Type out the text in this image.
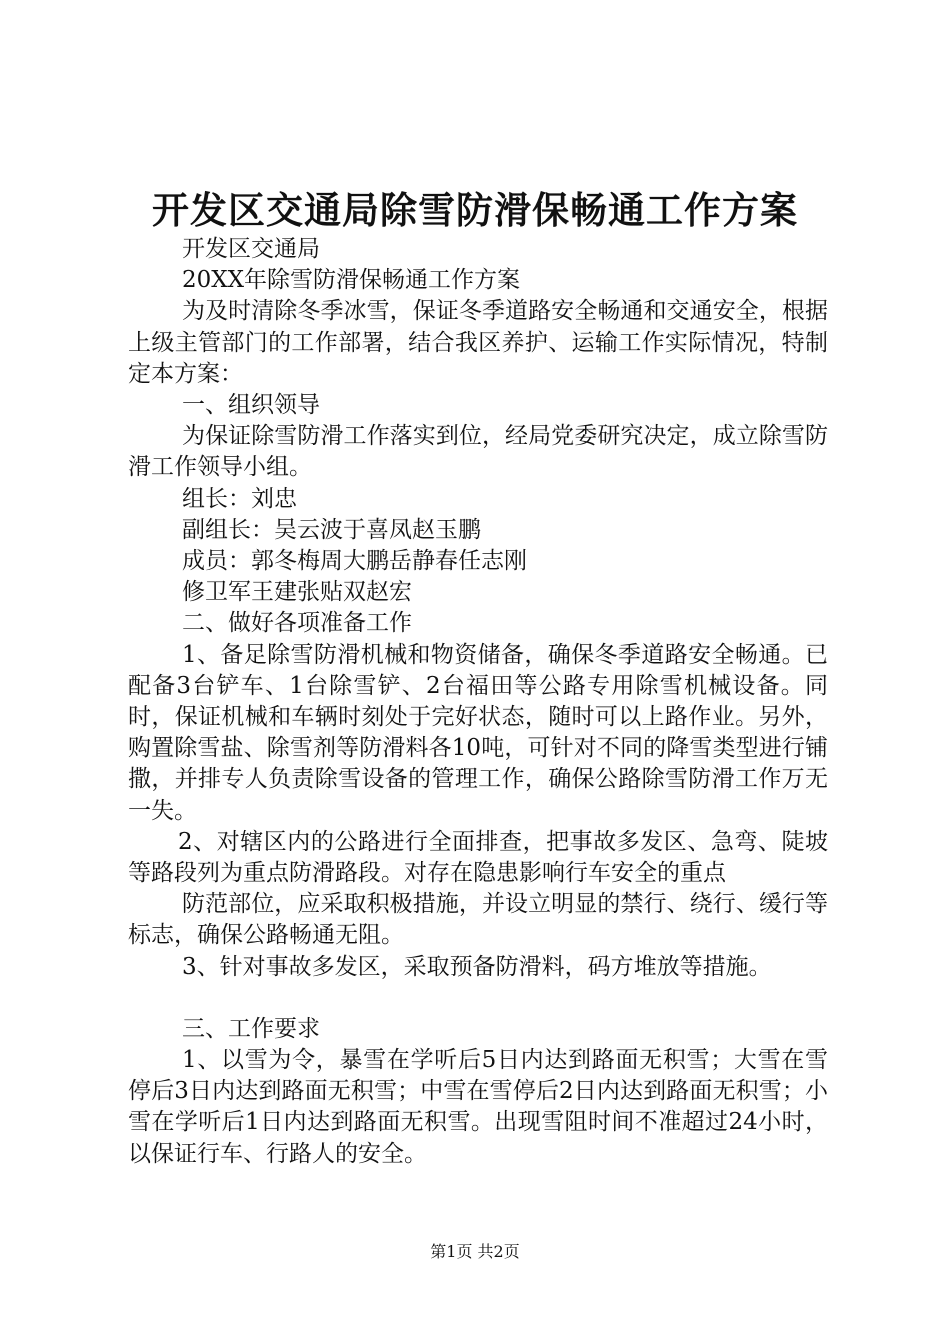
开发区交通局除雪防滑保畅通工作方案

开发区交通局

20XX年除雪防滑保畅通工作方案

为及时清除冬季冰雪，保证冬季道路安全畅通和交通安全，根据上级主管部门的工作部署，结合我区养护、运输工作实际情况，特制定本方案：

一、组织领导

为保证除雪防滑工作落实到位，经局党委研究决定，成立除雪防滑工作领导小组。

组长：刘忠

副组长：吴云波于喜凤赵玉鹏

成员：郭冬梅周大鹏岳静春任志刚

修卫军王建张贴双赵宏

二、做好各项准备工作

1、备足除雪防滑机械和物资储备，确保冬季道路安全畅通。已配备3台铲车、1台除雪铲、2台福田等公路专用除雪机械设备。同时，保证机械和车辆时刻处于完好状态，随时可以上路作业。另外，购置除雪盐、除雪剂等防滑料各10吨，可针对不同的降雪类型进行铺撒，并排专人负责除雪设备的管理工作，确保公路除雪防滑工作万无一失。

2、对辖区内的公路进行全面排查，把事故多发区、急弯、陡坡等路段列为重点防滑路段。对存在隐患影响行车安全的重点

防范部位，应采取积极措施，并设立明显的禁行、绕行、缓行等标志，确保公路畅通无阻。

3、针对事故多发区，采取预备防滑料，码方堆放等措施。

三、工作要求

1、以雪为令，暴雪在学听后5日内达到路面无积雪；大雪在雪停后3日内达到路面无积雪；中雪在雪停后2日内达到路面无积雪；小雪在学听后1日内达到路面无积雪。出现雪阻时间不准超过24小时，以保证行车、行路人的安全。

第1页 共2页
